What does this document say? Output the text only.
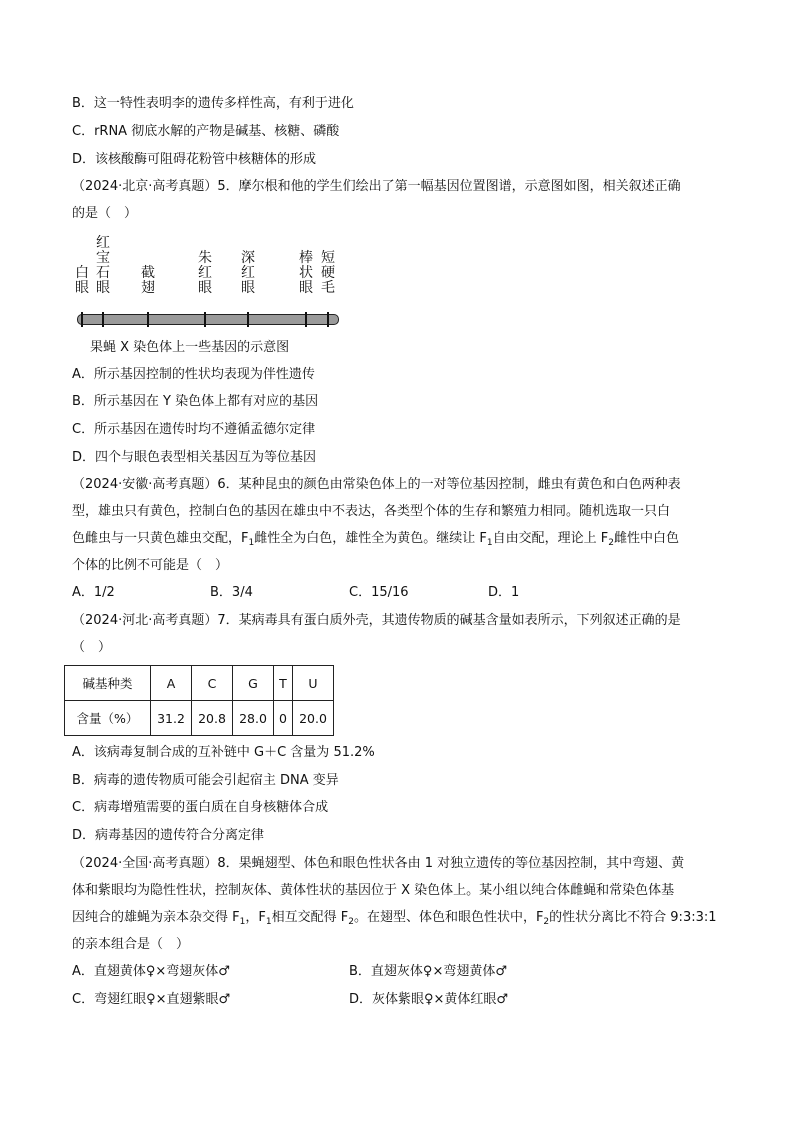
B．这一特性表明李的遗传多样性高，有利于进化
C．rRNA 彻底水解的产物是碱基、核糖、磷酸
D．该核酸酶可阻碍花粉管中核糖体的形成
（2024·北京·高考真题）5．摩尔根和他的学生们绘出了第一幅基因位置图谱，示意图如图，相关叙述正确
的是（　）
白眼
红宝石眼
截翅
朱红眼
深红眼
棒状眼
短硬毛
果蝇 X 染色体上一些基因的示意图
A．所示基因控制的性状均表现为伴性遗传
B．所示基因在 Y 染色体上都有对应的基因
C．所示基因在遗传时均不遵循孟德尔定律
D．四个与眼色表型相关基因互为等位基因
（2024·安徽·高考真题）6．某种昆虫的颜色由常染色体上的一对等位基因控制，雌虫有黄色和白色两种表
型，雄虫只有黄色，控制白色的基因在雄虫中不表达，各类型个体的生存和繁殖力相同。随机选取一只白
色雌虫与一只黄色雄虫交配，$F_1$雌性全为白色，雄性全为黄色。继续让 $F_1$自由交配，理论上 $F_2$雌性中白色
个体的比例不可能是（　）
A．1/2	B．3/4	C．15/16	D．1
（2024·河北·高考真题）7．某病毒具有蛋白质外壳，其遗传物质的碱基含量如表所示，下列叙述正确的是
（　）
碱基种类	A	C	G	T	U
含量（%）	31.2	20.8	28.0	0	20.0
A．该病毒复制合成的互补链中 G＋C 含量为 51.2%
B．病毒的遗传物质可能会引起宿主 DNA 变异
C．病毒增殖需要的蛋白质在自身核糖体合成
D．病毒基因的遗传符合分离定律
（2024·全国·高考真题）8．果蝇翅型、体色和眼色性状各由 1 对独立遗传的等位基因控制，其中弯翅、黄
体和紫眼均为隐性性状，控制灰体、黄体性状的基因位于 X 染色体上。某小组以纯合体雌蝇和常染色体基
因纯合的雄蝇为亲本杂交得 $F_1$，$F_1$相互交配得 $F_2$。在翅型、体色和眼色性状中，$F_2$的性状分离比不符合 9:3:3:1
的亲本组合是（　）
A．直翅黄体♀×弯翅灰体♂	B．直翅灰体♀×弯翅黄体♂
C．弯翅红眼♀×直翅紫眼♂	D．灰体紫眼♀×黄体红眼♂
